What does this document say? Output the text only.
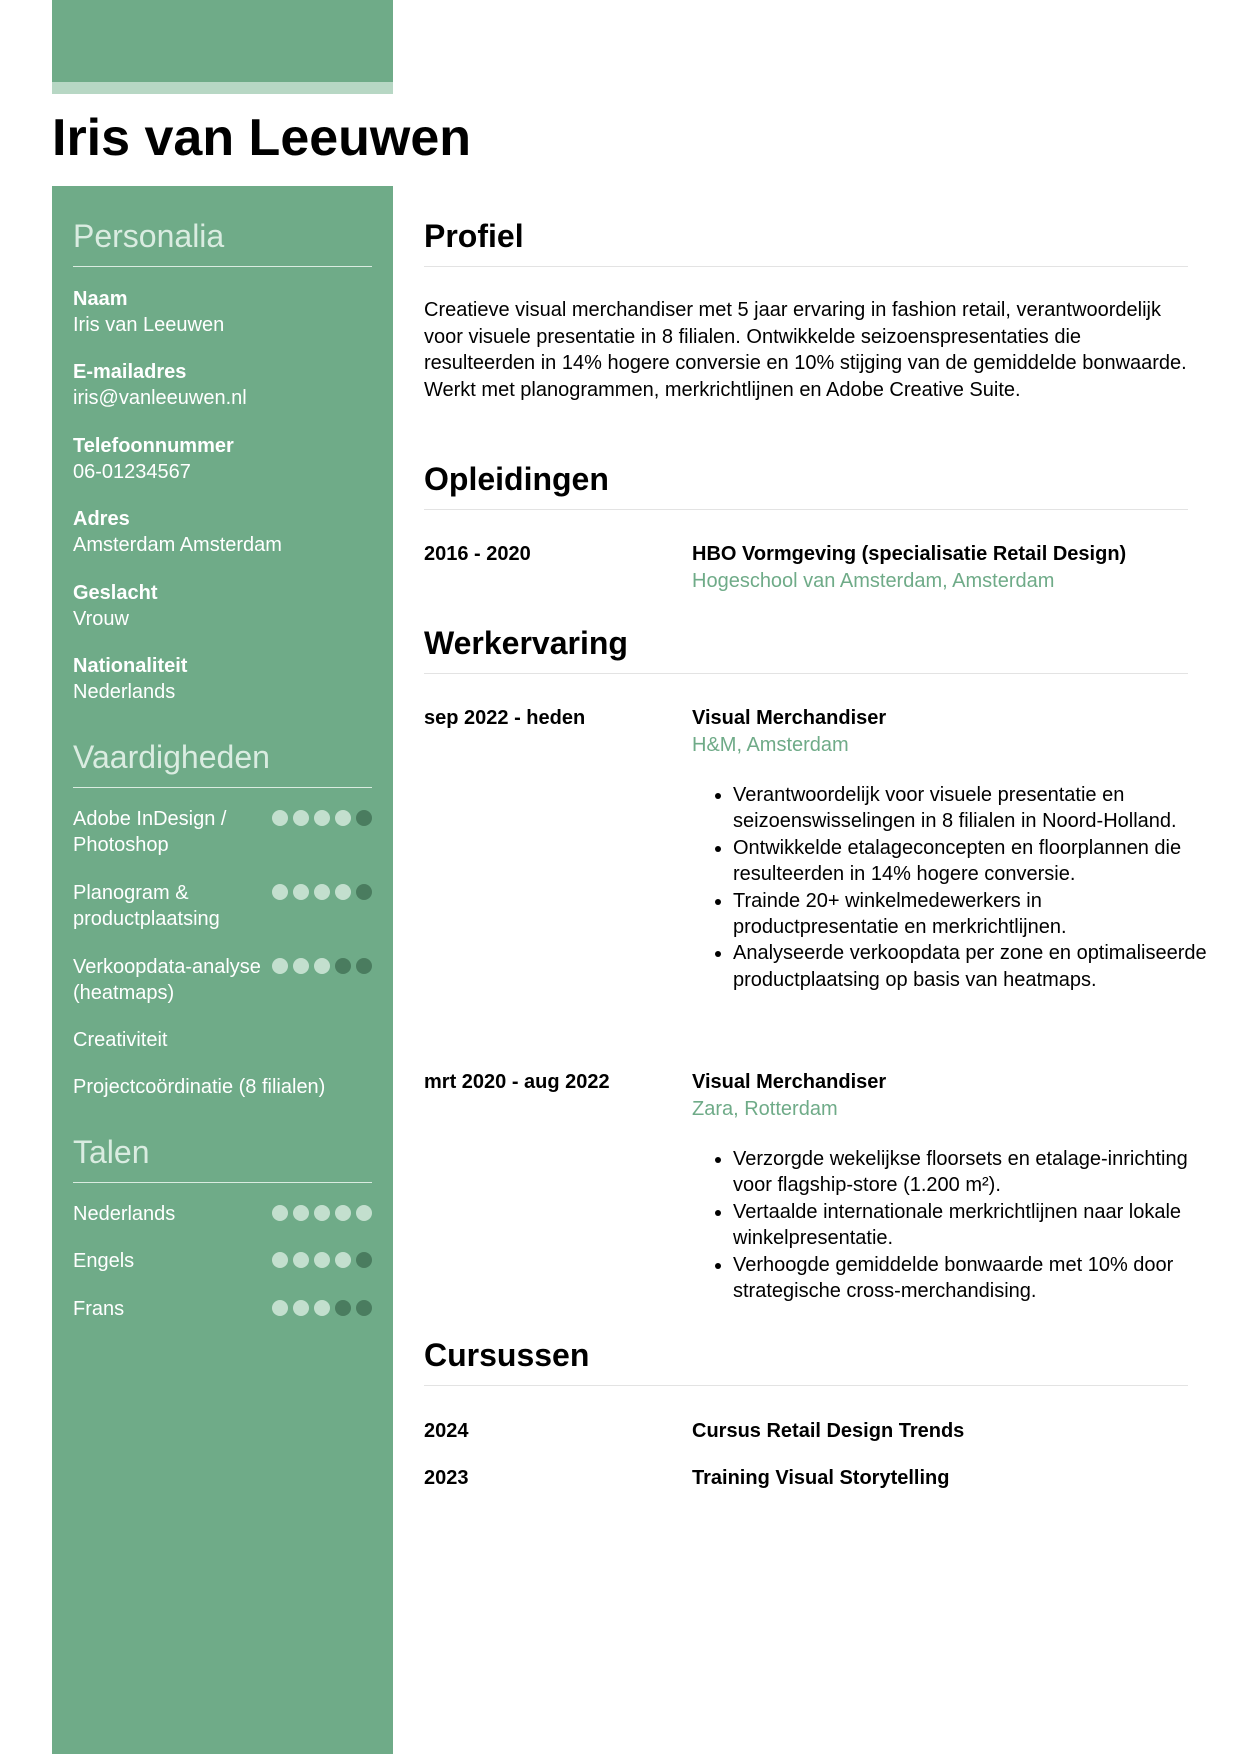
Iris van Leeuwen
Personalia
Naam
Iris van Leeuwen
E-mailadres
iris@vanleeuwen.nl
Telefoonnummer
06-01234567
Adres
Amsterdam Amsterdam
Geslacht
Vrouw
Nationaliteit
Nederlands
Vaardigheden
Adobe InDesign / Photoshop
Planogram & productplaatsing
Verkoopdata-analyse (heatmaps)
Creativiteit
Projectcoördinatie (8 filialen)
Talen
Nederlands
Engels
Frans
Profiel

Creatieve visual merchandiser met 5 jaar ervaring in fashion retail, verantwoordelijk voor visuele presentatie in 8 filialen. Ontwikkelde seizoenspresentaties die resulteerden in 14% hogere conversie en 10% stijging van de gemiddelde bonwaarde. Werkt met planogrammen, merkrichtlijnen en Adobe Creative Suite.

Opleidingen
2016 - 2020	HBO Vormgeving (specialisatie Retail Design)
Hogeschool van Amsterdam, Amsterdam
Werkervaring
sep 2022 - heden	Visual Merchandiser
H&M, Amsterdam
• Verantwoordelijk voor visuele presentatie en seizoenswisselingen in 8 filialen in Noord-Holland.
• Ontwikkelde etalageconcepten en floorplannen die resulteerden in 14% hogere conversie.
• Trainde 20+ winkelmedewerkers in productpresentatie en merkrichtlijnen.
• Analyseerde verkoopdata per zone en optimaliseerde productplaatsing op basis van heatmaps.
mrt 2020 - aug 2022	Visual Merchandiser
Zara, Rotterdam
• Verzorgde wekelijkse floorsets en etalage-inrichting voor flagship-store (1.200 m²).
• Vertaalde internationale merkrichtlijnen naar lokale winkelpresentatie.
• Verhoogde gemiddelde bonwaarde met 10% door strategische cross-merchandising.
Cursussen
2024	Cursus Retail Design Trends
2023	Training Visual Storytelling
